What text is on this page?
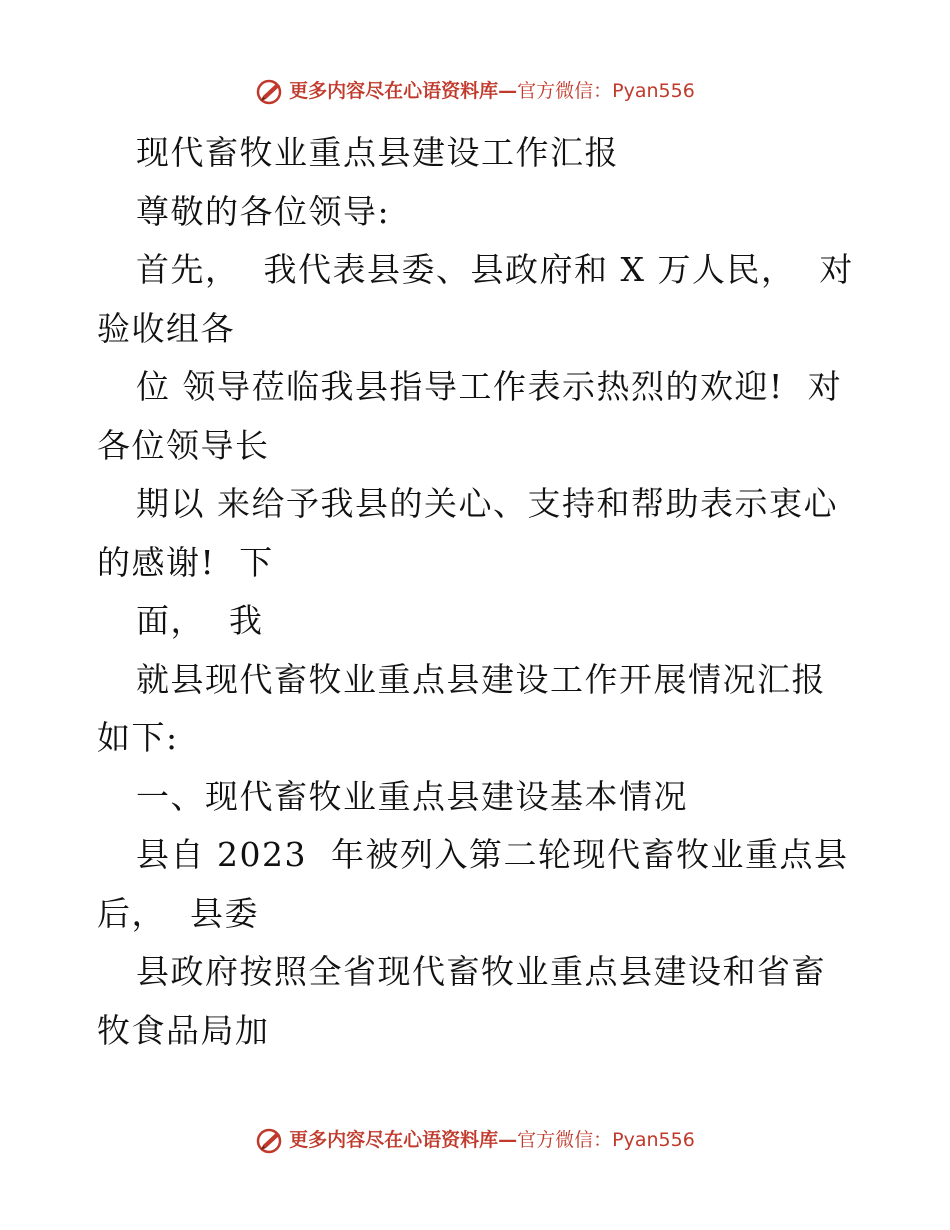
更多内容尽在心语资料库—官方微信：Pyan556

现代畜牧业重点县建设工作汇报

尊敬的各位领导:

首先，  我代表县委、县政府和 X 万人民，  对验收组各

位 领导莅临我县指导工作表示热烈的欢迎!  对各位领导长

期以 来给予我县的关心、支持和帮助表示衷心的感谢!  下

面，  我

就县现代畜牧业重点县建设工作开展情况汇报如下:

一、现代畜牧业重点县建设基本情况

县自 2023  年被列入第二轮现代畜牧业重点县后，  县委

县政府按照全省现代畜牧业重点县建设和省畜牧食品局加

更多内容尽在心语资料库—官方微信：Pyan556
